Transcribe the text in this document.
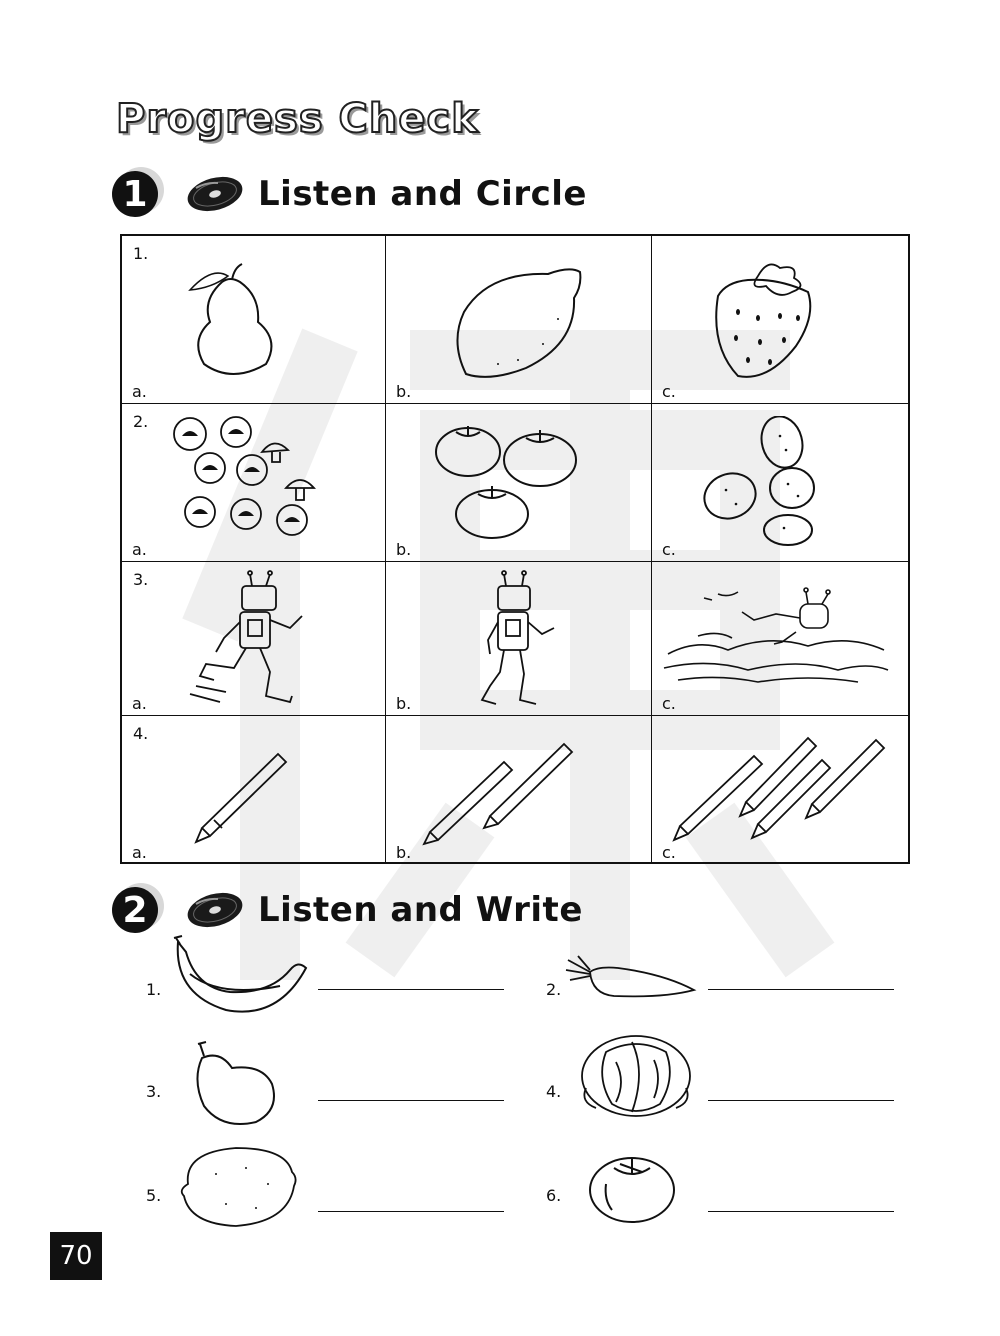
Progress Check
1	Listen and Circle
1.
a.	b.	c.
2.
a.	b.	c.
3.
a.	b.	c.
4.
a.	b.	c.
2	Listen and Write
1.	2.
3.	4.
5.	6.
70
